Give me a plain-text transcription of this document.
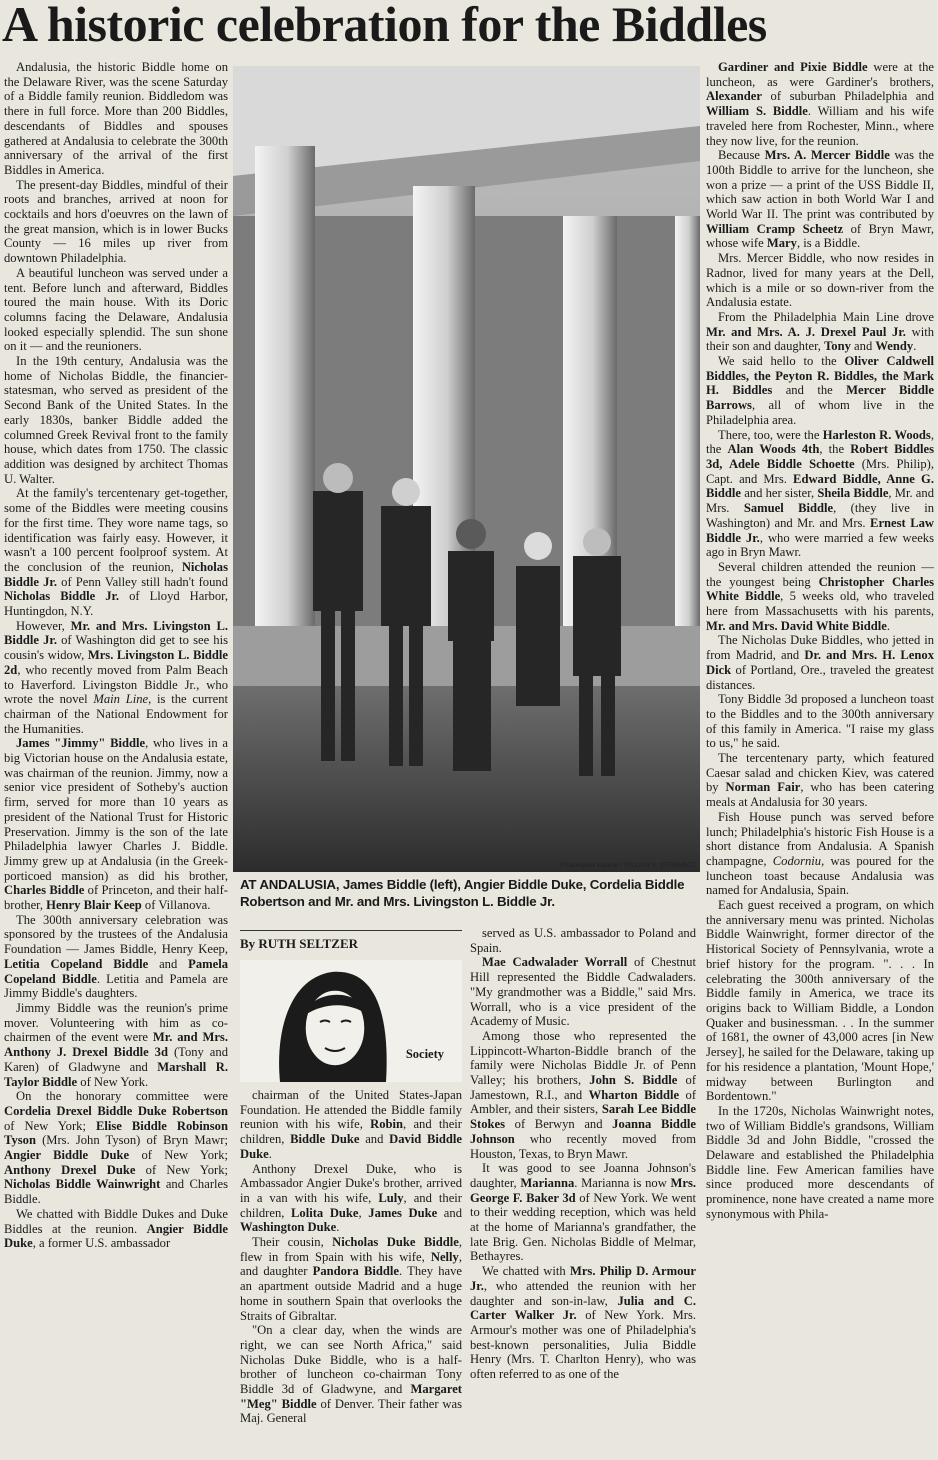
A historic celebration for the Biddles

Andalusia, the historic Biddle home on the Delaware River, was the scene Saturday of a Biddle family reunion. Biddledom was there in full force. More than 200 Biddles, descendants of Biddles and spouses gathered at Andalusia to celebrate the 300th anniversary of the arrival of the first Biddles in America.

The present-day Biddles, mindful of their roots and branches, arrived at noon for cocktails and hors d'oeuvres on the lawn of the great mansion, which is in lower Bucks County — 16 miles up river from downtown Philadelphia.

A beautiful luncheon was served under a tent. Before lunch and afterward, Biddles toured the main house. With its Doric columns facing the Delaware, Andalusia looked especially splendid. The sun shone on it — and the reunioners.

In the 19th century, Andalusia was the home of Nicholas Biddle, the financier-statesman, who served as president of the Second Bank of the United States. In the early 1830s, banker Biddle added the columned Greek Revival front to the family house, which dates from 1750. The classic addition was designed by architect Thomas U. Walter.

At the family's tercentenary get-together, some of the Biddles were meeting cousins for the first time. They wore name tags, so identification was fairly easy. However, it wasn't a 100 percent foolproof system. At the conclusion of the reunion, Nicholas Biddle Jr. of Penn Valley still hadn't found Nicholas Biddle Jr. of Lloyd Harbor, Huntingdon, N.Y.

However, Mr. and Mrs. Livingston L. Biddle Jr. of Washington did get to see his cousin's widow, Mrs. Livingston L. Biddle 2d, who recently moved from Palm Beach to Haverford. Livingston Biddle Jr., who wrote the novel Main Line, is the current chairman of the National Endowment for the Humanities.

James "Jimmy" Biddle, who lives in a big Victorian house on the Andalusia estate, was chairman of the reunion. Jimmy, now a senior vice president of Sotheby's auction firm, served for more than 10 years as president of the National Trust for Historic Preservation. Jimmy is the son of the late Philadelphia lawyer Charles J. Biddle. Jimmy grew up at Andalusia (in the Greek-porticoed mansion) as did his brother, Charles Biddle of Princeton, and their half-brother, Henry Blair Keep of Villanova.

The 300th anniversary celebration was sponsored by the trustees of the Andalusia Foundation — James Biddle, Henry Keep, Letitia Copeland Biddle and Pamela Copeland Biddle. Letitia and Pamela are Jimmy Biddle's daughters.

Jimmy Biddle was the reunion's prime mover. Volunteering with him as co-chairmen of the event were Mr. and Mrs. Anthony J. Drexel Biddle 3d (Tony and Karen) of Gladwyne and Marshall R. Taylor Biddle of New York.

On the honorary committee were Cordelia Drexel Biddle Duke Robertson of New York; Elise Biddle Robinson Tyson (Mrs. John Tyson) of Bryn Mawr; Angier Biddle Duke of New York; Anthony Drexel Duke of New York; Nicholas Biddle Wainwright and Charles Biddle.

We chatted with Biddle Dukes and Duke Biddles at the reunion. Angier Biddle Duke, a former U.S. ambassador

Philadelphia Inquirer / WILLIAM F. STEINMETZ
AT ANDALUSIA, James Biddle (left), Angier Biddle Duke, Cordelia Biddle Robertson and Mr. and Mrs. Livingston L. Biddle Jr.
By RUTH SELTZER
Society

chairman of the United States-Japan Foundation. He attended the Biddle family reunion with his wife, Robin, and their children, Biddle Duke and David Biddle Duke.

Anthony Drexel Duke, who is Ambassador Angier Duke's brother, arrived in a van with his wife, Luly, and their children, Lolita Duke, James Duke and Washington Duke.

Their cousin, Nicholas Duke Biddle, flew in from Spain with his wife, Nelly, and daughter Pandora Biddle. They have an apartment outside Madrid and a huge home in southern Spain that overlooks the Straits of Gibraltar.

"On a clear day, when the winds are right, we can see North Africa," said Nicholas Duke Biddle, who is a half-brother of luncheon co-chairman Tony Biddle 3d of Gladwyne, and Margaret "Meg" Biddle of Denver. Their father was Maj. General

served as U.S. ambassador to Poland and Spain.

Mae Cadwalader Worrall of Chestnut Hill represented the Biddle Cadwaladers. "My grandmother was a Biddle," said Mrs. Worrall, who is a vice president of the Academy of Music.

Among those who represented the Lippincott-Wharton-Biddle branch of the family were Nicholas Biddle Jr. of Penn Valley; his brothers, John S. Biddle of Jamestown, R.I., and Wharton Biddle of Ambler, and their sisters, Sarah Lee Biddle Stokes of Berwyn and Joanna Biddle Johnson who recently moved from Houston, Texas, to Bryn Mawr.

It was good to see Joanna Johnson's daughter, Marianna. Marianna is now Mrs. George F. Baker 3d of New York. We went to their wedding reception, which was held at the home of Marianna's grandfather, the late Brig. Gen. Nicholas Biddle of Melmar, Bethayres.

We chatted with Mrs. Philip D. Armour Jr., who attended the reunion with her daughter and son-in-law, Julia and C. Carter Walker Jr. of New York. Mrs. Armour's mother was one of Philadelphia's best-known personalities, Julia Biddle Henry (Mrs. T. Charlton Henry), who was often referred to as one of the

Gardiner and Pixie Biddle were at the luncheon, as were Gardiner's brothers, Alexander of suburban Philadelphia and William S. Biddle. William and his wife traveled here from Rochester, Minn., where they now live, for the reunion.

Because Mrs. A. Mercer Biddle was the 100th Biddle to arrive for the luncheon, she won a prize — a print of the USS Biddle II, which saw action in both World War I and World War II. The print was contributed by William Cramp Scheetz of Bryn Mawr, whose wife Mary, is a Biddle.

Mrs. Mercer Biddle, who now resides in Radnor, lived for many years at the Dell, which is a mile or so down-river from the Andalusia estate.

From the Philadelphia Main Line drove Mr. and Mrs. A. J. Drexel Paul Jr. with their son and daughter, Tony and Wendy.

We said hello to the Oliver Caldwell Biddles, the Peyton R. Biddles, the Mark H. Biddles and the Mercer Biddle Barrows, all of whom live in the Philadelphia area.

There, too, were the Harleston R. Woods, the Alan Woods 4th, the Robert Biddles 3d, Adele Biddle Schoette (Mrs. Philip), Capt. and Mrs. Edward Biddle, Anne G. Biddle and her sister, Sheila Biddle, Mr. and Mrs. Samuel Biddle, (they live in Washington) and Mr. and Mrs. Ernest Law Biddle Jr., who were married a few weeks ago in Bryn Mawr.

Several children attended the reunion — the youngest being Christopher Charles White Biddle, 5 weeks old, who traveled here from Massachusetts with his parents, Mr. and Mrs. David White Biddle.

The Nicholas Duke Biddles, who jetted in from Madrid, and Dr. and Mrs. H. Lenox Dick of Portland, Ore., traveled the greatest distances.

Tony Biddle 3d proposed a luncheon toast to the Biddles and to the 300th anniversary of this family in America. "I raise my glass to us," he said.

The tercentenary party, which featured Caesar salad and chicken Kiev, was catered by Norman Fair, who has been catering meals at Andalusia for 30 years.

Fish House punch was served before lunch; Philadelphia's historic Fish House is a short distance from Andalusia. A Spanish champagne, Codorniu, was poured for the luncheon toast because Andalusia was named for Andalusia, Spain.

Each guest received a program, on which the anniversary menu was printed. Nicholas Biddle Wainwright, former director of the Historical Society of Pennsylvania, wrote a brief history for the program. ". . . In celebrating the 300th anniversary of the Biddle family in America, we trace its origins back to William Biddle, a London Quaker and businessman. . . In the summer of 1681, the owner of 43,000 acres [in New Jersey], he sailed for the Delaware, taking up for his residence a plantation, 'Mount Hope,' midway between Burlington and Bordentown."

In the 1720s, Nicholas Wainwright notes, two of William Biddle's grandsons, William Biddle 3d and John Biddle, "crossed the Delaware and established the Philadelphia Biddle line. Few American families have since produced more descendants of prominence, none have created a name more synonymous with Phila-
